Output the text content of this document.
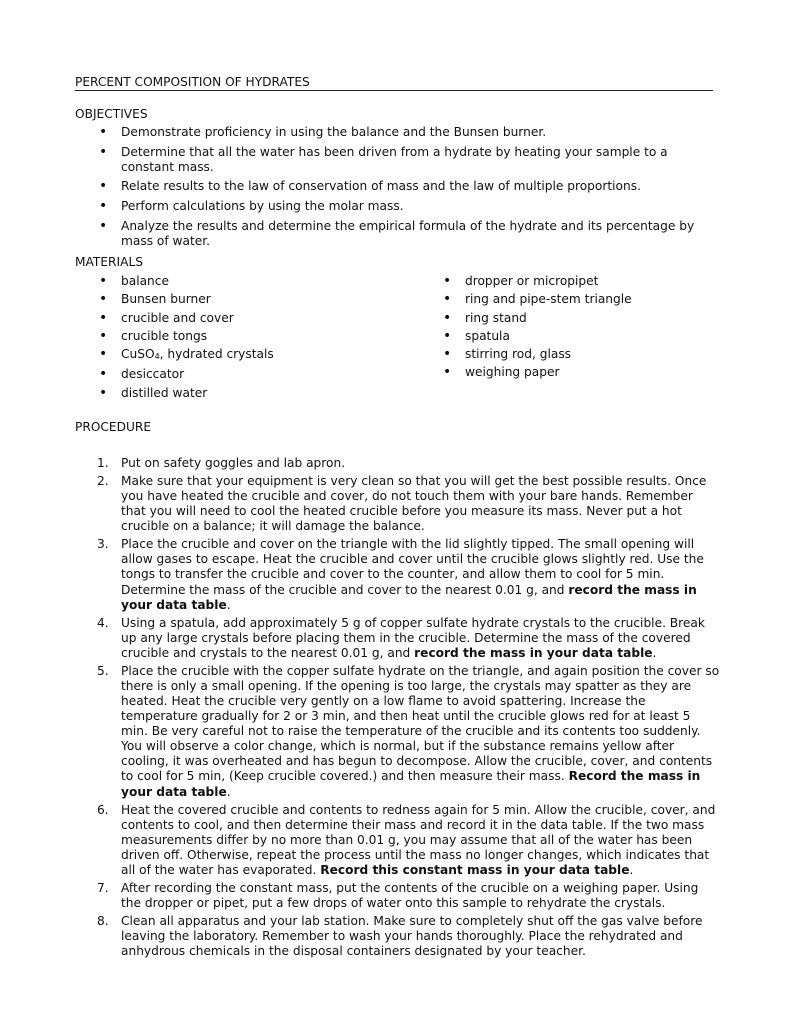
PERCENT COMPOSITION OF HYDRATES
OBJECTIVES
• Demonstrate proficiency in using the balance and the Bunsen burner.
• Determine that all the water has been driven from a hydrate by heating your sample to a constant mass.
• Relate results to the law of conservation of mass and the law of multiple proportions.
• Perform calculations by using the molar mass.
• Analyze the results and determine the empirical formula of the hydrate and its percentage by mass of water.
MATERIALS
• balance
• Bunsen burner
• crucible and cover
• crucible tongs
• CuSO$_4$, hydrated crystals
• desiccator
• distilled water
• dropper or micropipet
• ring and pipe-stem triangle
• ring stand
• spatula
• stirring rod, glass
• weighing paper
PROCEDURE
1. Put on safety goggles and lab apron.
2. Make sure that your equipment is very clean so that you will get the best possible results. Once you have heated the crucible and cover, do not touch them with your bare hands. Remember that you will need to cool the heated crucible before you measure its mass. Never put a hot crucible on a balance; it will damage the balance.
3. Place the crucible and cover on the triangle with the lid slightly tipped. The small opening will allow gases to escape. Heat the crucible and cover until the crucible glows slightly red. Use the tongs to transfer the crucible and cover to the counter, and allow them to cool for 5 min. Determine the mass of the crucible and cover to the nearest 0.01 g, and record the mass in your data table.
4. Using a spatula, add approximately 5 g of copper sulfate hydrate crystals to the crucible. Break up any large crystals before placing them in the crucible. Determine the mass of the covered crucible and crystals to the nearest 0.01 g, and record the mass in your data table.
5. Place the crucible with the copper sulfate hydrate on the triangle, and again position the cover so there is only a small opening. If the opening is too large, the crystals may spatter as they are heated. Heat the crucible very gently on a low flame to avoid spattering. Increase the temperature gradually for 2 or 3 min, and then heat until the crucible glows red for at least 5 min. Be very careful not to raise the temperature of the crucible and its contents too suddenly. You will observe a color change, which is normal, but if the substance remains yellow after cooling, it was overheated and has begun to decompose. Allow the crucible, cover, and contents to cool for 5 min, (Keep crucible covered.) and then measure their mass. Record the mass in your data table.
6. Heat the covered crucible and contents to redness again for 5 min. Allow the crucible, cover, and contents to cool, and then determine their mass and record it in the data table. If the two mass measurements differ by no more than 0.01 g, you may assume that all of the water has been driven off. Otherwise, repeat the process until the mass no longer changes, which indicates that all of the water has evaporated. Record this constant mass in your data table.
7. After recording the constant mass, put the contents of the crucible on a weighing paper. Using the dropper or pipet, put a few drops of water onto this sample to rehydrate the crystals.
8. Clean all apparatus and your lab station. Make sure to completely shut off the gas valve before leaving the laboratory. Remember to wash your hands thoroughly. Place the rehydrated and anhydrous chemicals in the disposal containers designated by your teacher.
